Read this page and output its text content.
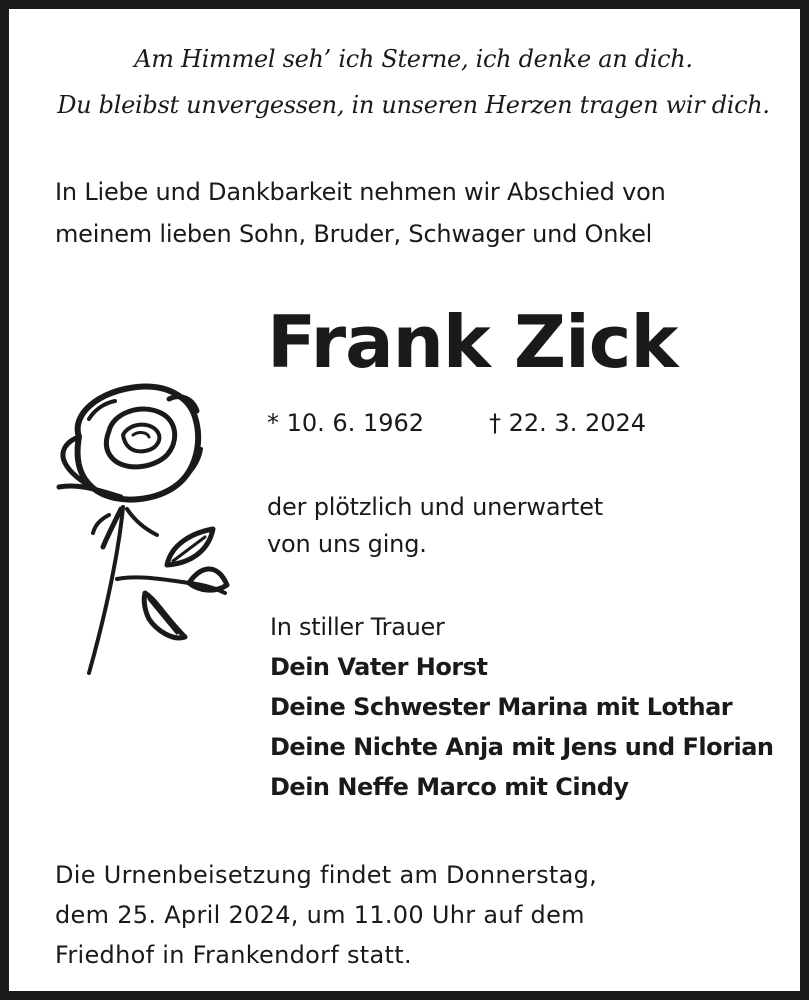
Am Himmel seh’ ich Sterne, ich denke an dich.
Du bleibst unvergessen, in unseren Herzen tragen wir dich.
In Liebe und Dankbarkeit nehmen wir Abschied von
meinem lieben Sohn, Bruder, Schwager und Onkel
Frank Zick
* 10. 6. 1962	† 22. 3. 2024
der plötzlich und unerwartet
von uns ging.
In stiller Trauer
Dein Vater Horst
Deine Schwester Marina mit Lothar
Deine Nichte Anja mit Jens und Florian
Dein Neffe Marco mit Cindy
Die Urnenbeisetzung findet am Donnerstag,
dem 25. April 2024, um 11.00 Uhr auf dem
Friedhof in Frankendorf statt.
